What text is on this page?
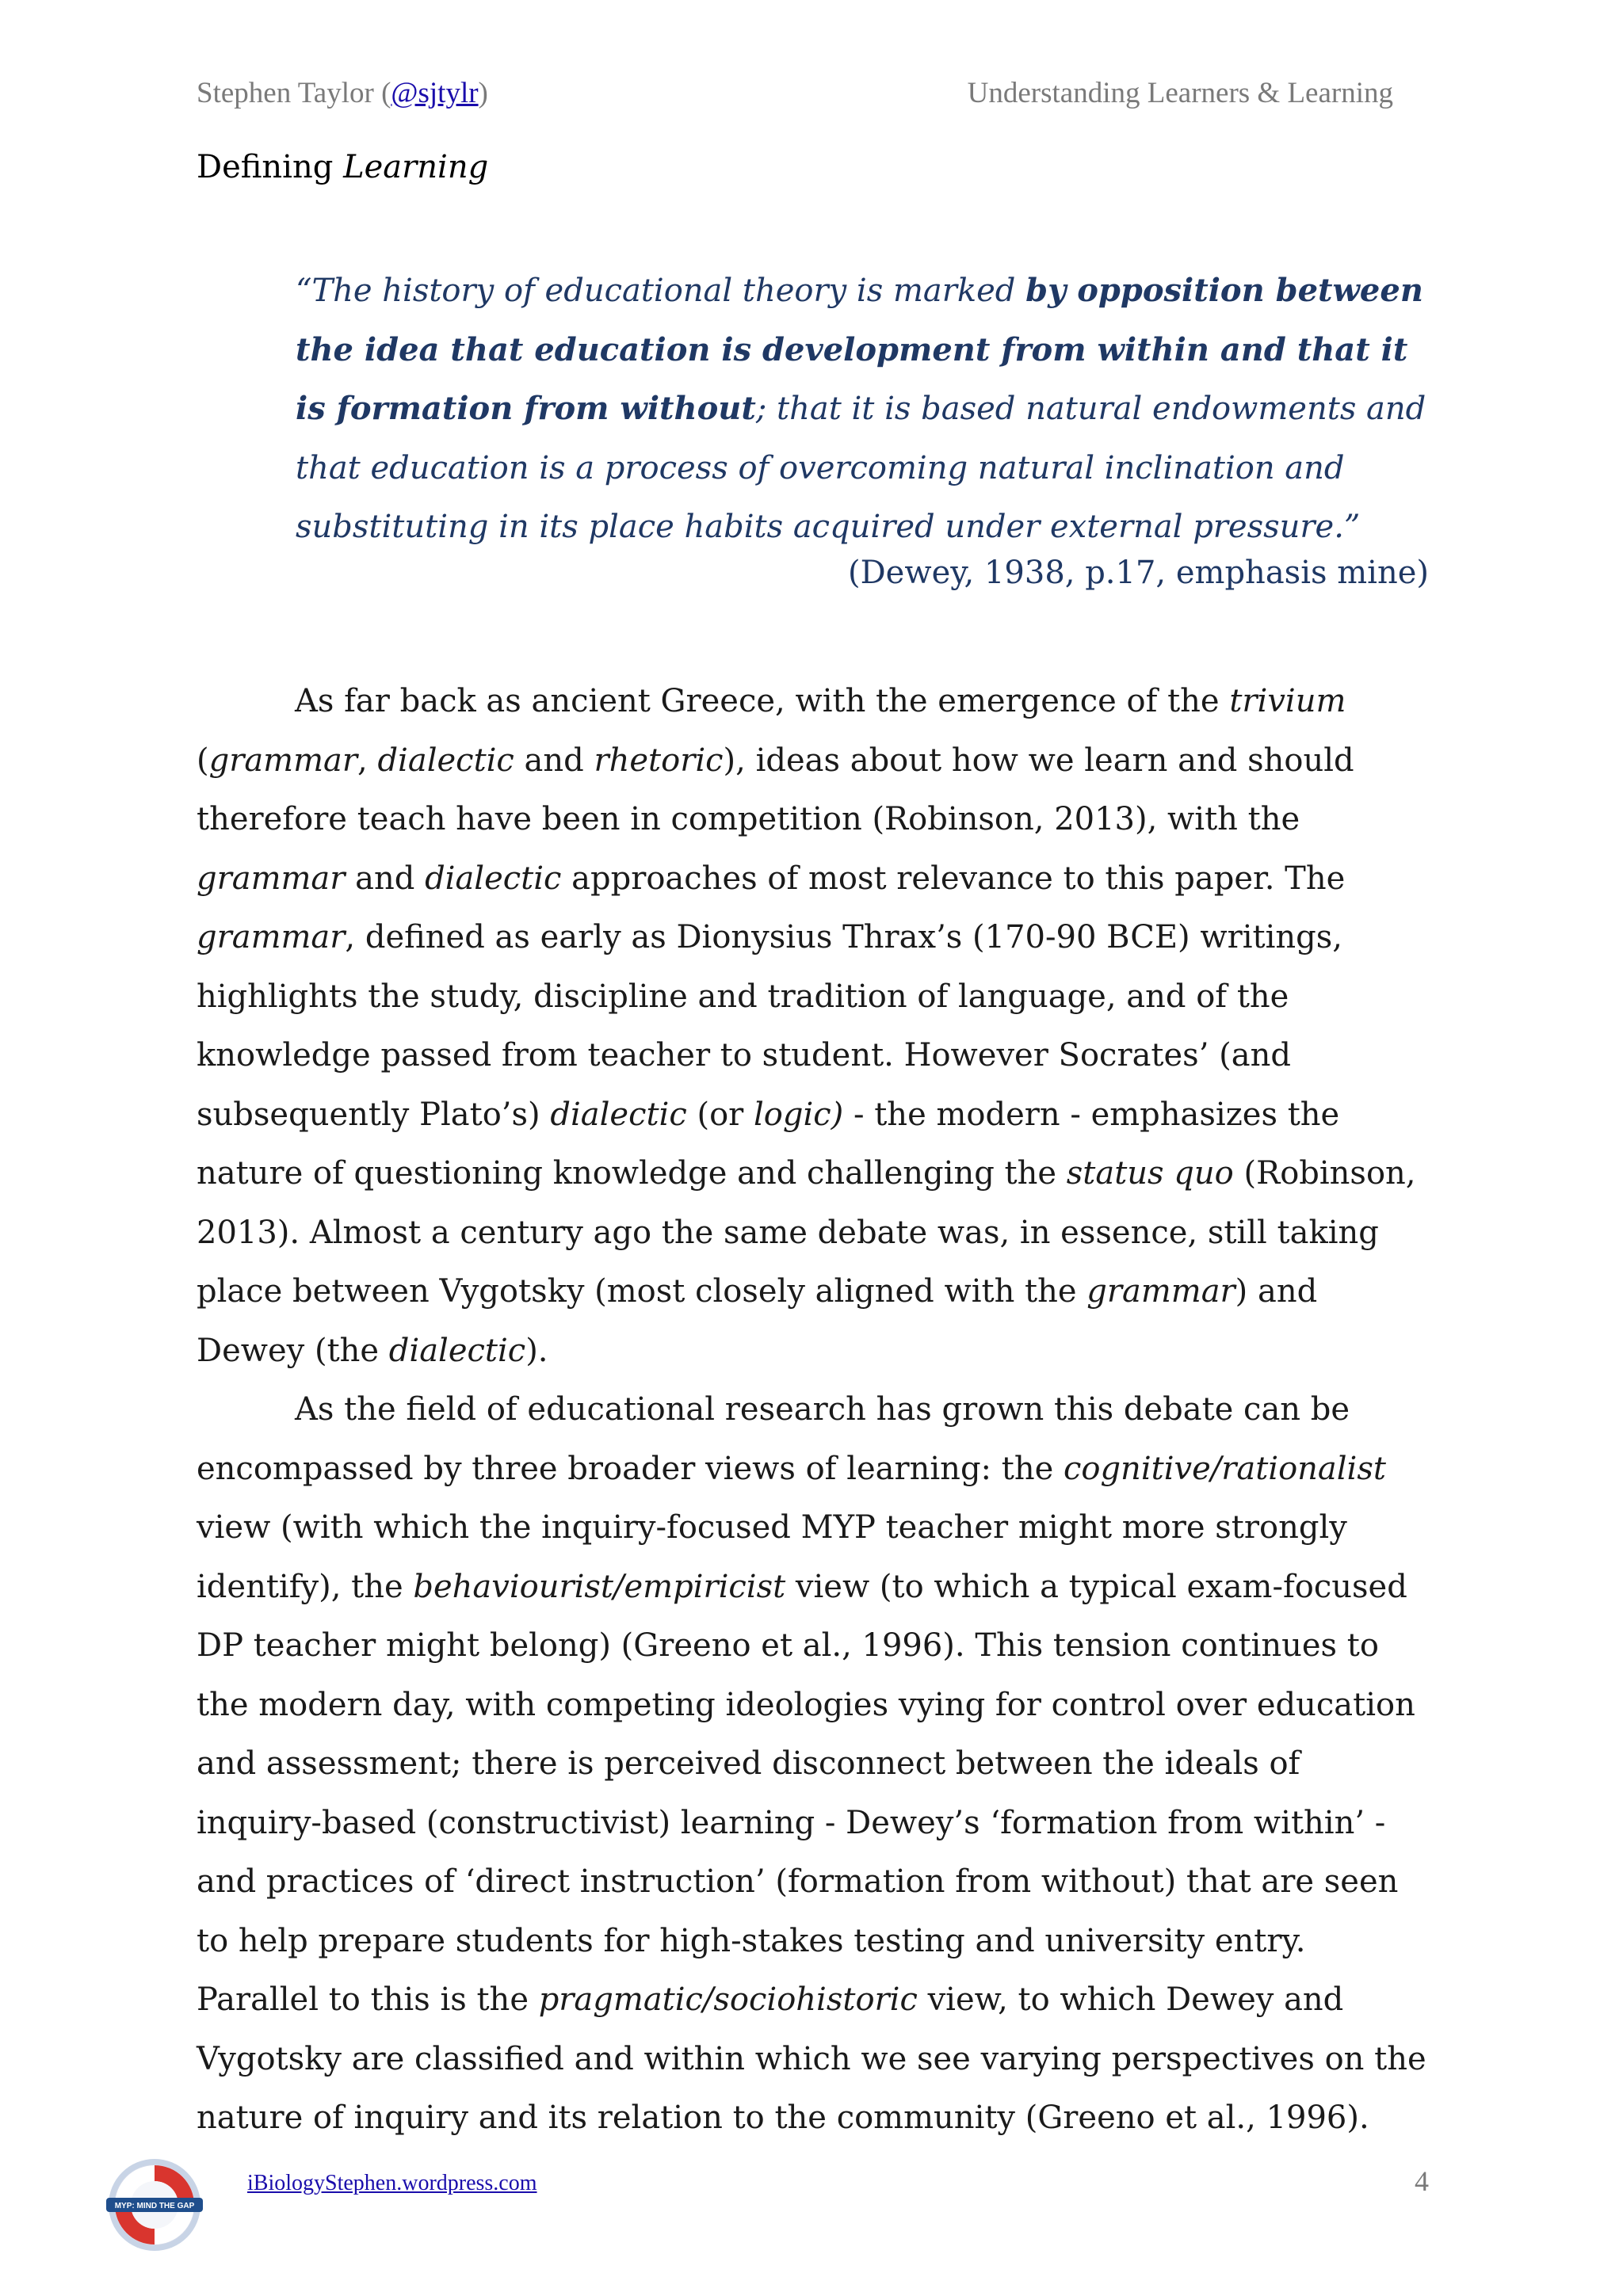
Stephen Taylor (@sjtylr)	Understanding Learners & Learning
Defining Learning

“The history of educational theory is marked by opposition between the idea that education is development from within and that it is formation from without; that it is based natural endowments and that education is a process of overcoming natural inclination and substituting in its place habits acquired under external pressure.”

(Dewey, 1938, p.17, emphasis mine)

As far back as ancient Greece, with the emergence of the trivium (grammar, dialectic and rhetoric), ideas about how we learn and should therefore teach have been in competition (Robinson, 2013), with the grammar and dialectic approaches of most relevance to this paper. The grammar, defined as early as Dionysius Thrax’s (170-90 BCE) writings, highlights the study, discipline and tradition of language, and of the knowledge passed from teacher to student. However Socrates’ (and subsequently Plato’s) dialectic (or logic) - the modern - emphasizes the nature of questioning knowledge and challenging the status quo (Robinson, 2013). Almost a century ago the same debate was, in essence, still taking place between Vygotsky (most closely aligned with the grammar) and Dewey (the dialectic).

As the field of educational research has grown this debate can be encompassed by three broader views of learning: the cognitive/rationalist view (with which the inquiry-focused MYP teacher might more strongly identify), the behaviourist/empiricist view (to which a typical exam-focused DP teacher might belong) (Greeno et al., 1996). This tension continues to the modern day, with competing ideologies vying for control over education and assessment; there is perceived disconnect between the ideals of inquiry-based (constructivist) learning - Dewey’s ‘formation from within’ - and practices of ‘direct instruction’ (formation from without) that are seen to help prepare students for high-stakes testing and university entry. Parallel to this is the pragmatic/sociohistoric view, to which Dewey and Vygotsky are classified and within which we see varying perspectives on the nature of inquiry and its relation to the community (Greeno et al., 1996).

MYP: MIND THE GAP
iBiologyStephen.wordpress.com	4
